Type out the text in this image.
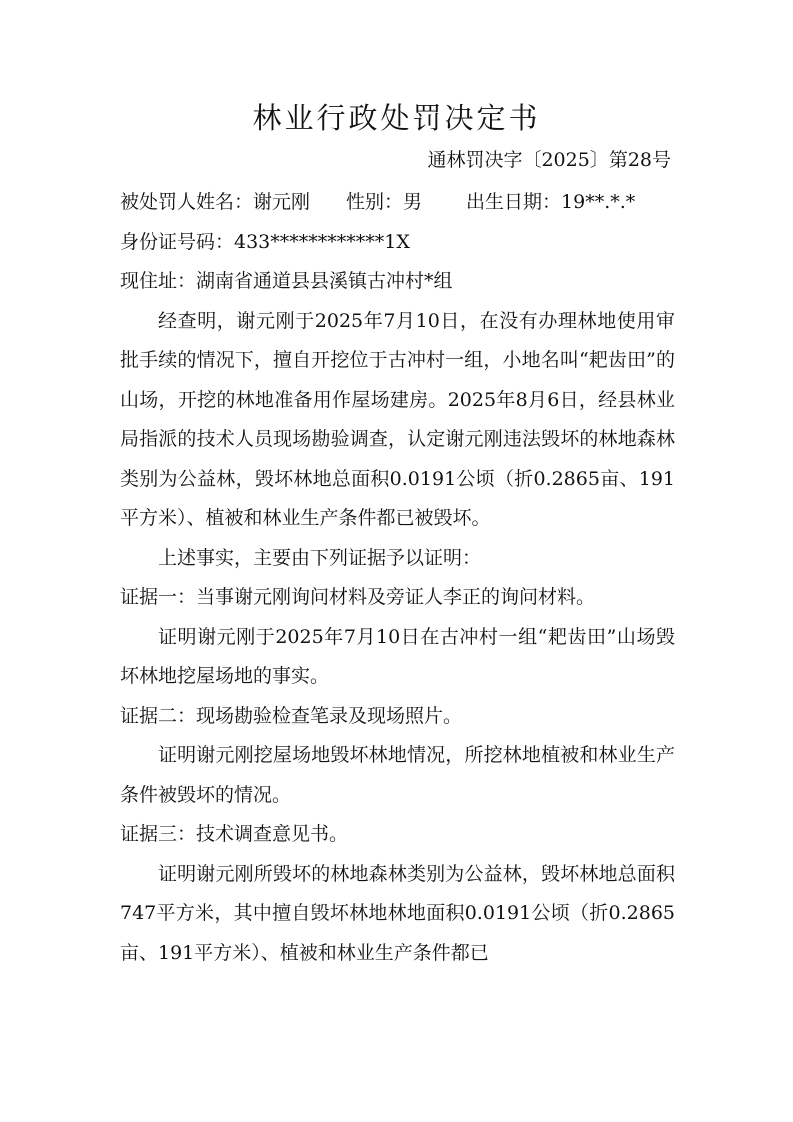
林业行政处罚决定书
通林罚决字〔2025〕第28号
被处罚人姓名：谢元刚 性别：男 出生日期：19**.*.*

身份证号码：433************1X

现住址：湖南省通道县县溪镇古冲村*组

经查明，谢元刚于2025年7月10日，在没有办理林地使用审批手续的情况下，擅自开挖位于古冲村一组，小地名叫“耙齿田”的山场，开挖的林地准备用作屋场建房。2025年8月6日，经县林业局指派的技术人员现场勘验调查，认定谢元刚违法毁坏的林地森林类别为公益林，毁坏林地总面积0.0191公顷（折0.2865亩、191平方米）、植被和林业生产条件都已被毁坏。

上述事实，主要由下列证据予以证明：

证据一：当事谢元刚询问材料及旁证人李正的询问材料。

证明谢元刚于2025年7月10日在古冲村一组“耙齿田”山场毁坏林地挖屋场地的事实。

证据二：现场勘验检查笔录及现场照片。

证明谢元刚挖屋场地毁坏林地情况，所挖林地植被和林业生产条件被毁坏的情况。

证据三：技术调查意见书。

证明谢元刚所毁坏的林地森林类别为公益林，毁坏林地总面积747平方米，其中擅自毁坏林地林地面积0.0191公顷（折0.2865亩、191平方米）、植被和林业生产条件都已
